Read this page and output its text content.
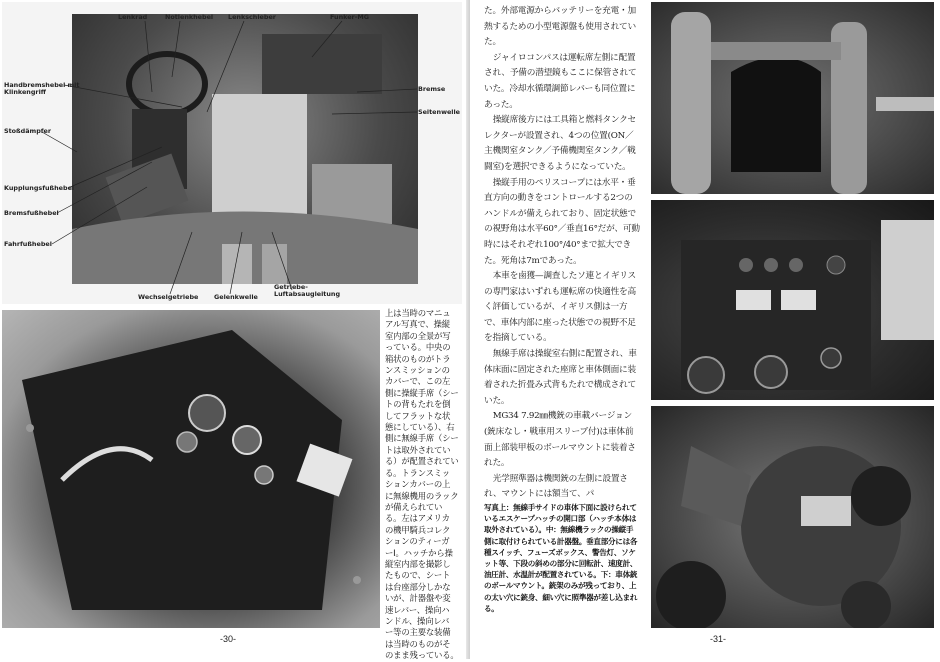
Lenkrad	Notlenkhebel Lenkschieber	Funker-MG
Handbremshebel mit
Klinkengriff	Bremse
Seitenwelle
Stoßdämpfer
Kupplungsfußhebel
Bremsfußhebel
Fahrfußhebel
Wechselgetriebe Gelenkwelle
Getriebe-
Luftabsaugleitung
上は当時のマニュ
アル写真で、操縦
室内部の全景が写
っている。中央の
箱状のものがトラ
ンスミッションの
カバーで、この左
側に操縦手席（シー
トの背もたれを倒
してフラットな状
態にしている）、右
側に無線手席（シー
トは取外されてい
る）が配置されてい
る。トランスミッ
ションカバーの上
に無線機用のラック
が備えられてい
る。左はアメリカ
の機甲騎兵コレク
ションのティーガ
ーⅠ。ハッチから操
縦室内部を撮影し
たもので、シート
は台座部分しかな
いが、計器盤や変
速レバー、操向ハ
ンドル、操向レバ
ー等の主要な装備
は当時のものがそ
のまま残っている。
-30-

た。外部電源からバッテリーを充電・加熱するための小型電源盤も使用されていた。

ジャイロコンパスは運転席左側に配置され、予備の潜望鏡もここに保管されていた。冷却水循環調節レバーも同位置にあった。

操縦席後方には工具箱と燃料タンクセレクターが設置され、4つの位置(ON／主機関室タンク／予備機関室タンク／戦闘室)を選択できるようになっていた。

操縦手用のペリスコープには水平・垂直方向の動きをコントロールする2つのハンドルが備えられており、固定状態での視野角は水平60°／垂直16°だが、可動時にはそれぞれ100°/40°まで拡大できた。死角は7mであった。

本車を鹵獲—調査したソ連とイギリスの専門家はいずれも運転席の快適性を高く評価しているが、イギリス側は一方で、車体内部に座った状態での視野不足を指摘している。

無線手席は操縦室右側に配置され、車体床面に固定された座席と車体側面に装着された折畳み式背もたれで構成されていた。

MG34 7.92㎜機銃の車載バージョン(銃床なし・戦車用スリーブ付)は車体前面上部装甲板のボールマウントに装着された。

光学照準器は機関銃の左側に設置され、マウントには額当て、パ

写真上：無線手サイドの車体下面に設けられているエスケープハッチの開口部（ハッチ本体は取外されている）。中：無線機ラックの操縦手側に取付けられている計器盤。垂直部分には各種スイッチ、フューズボックス、警告灯、ソケット等、下段の斜めの部分に回転計、速度計、油圧計、水温計が配置されている。下：車体銃のボールマウント。銃架のみが残っており、上の太い穴に銃身、細い穴に照準器が差し込まれる。
-31-
